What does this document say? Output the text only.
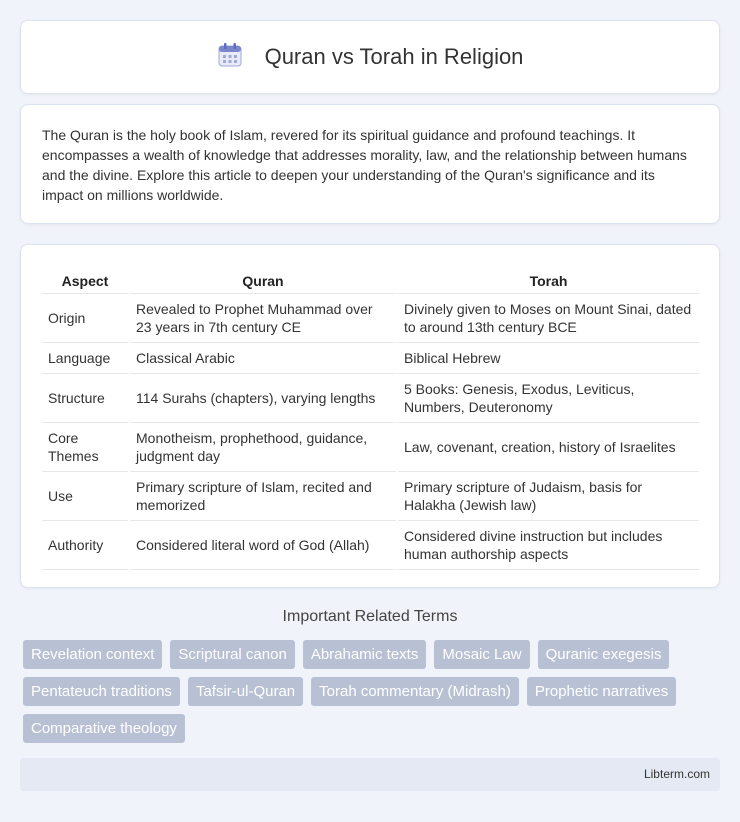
Quran vs Torah in Religion

The Quran is the holy book of Islam, revered for its spiritual guidance and profound teachings. It encompasses a wealth of knowledge that addresses morality, law, and the relationship between humans and the divine. Explore this article to deepen your understanding of the Quran's significance and its impact on millions worldwide.

Aspect	Quran	Torah
Origin	Revealed to Prophet Muhammad over 23 years in 7th century CE	Divinely given to Moses on Mount Sinai, dated to around 13th century BCE
Language	Classical Arabic	Biblical Hebrew
Structure	114 Surahs (chapters), varying lengths	5 Books: Genesis, Exodus, Leviticus, Numbers, Deuteronomy
Core Themes	Monotheism, prophethood, guidance, judgment day	Law, covenant, creation, history of Israelites
Use	Primary scripture of Islam, recited and memorized	Primary scripture of Judaism, basis for Halakha (Jewish law)
Authority	Considered literal word of God (Allah)	Considered divine instruction but includes human authorship aspects
Important Related Terms
Revelation context	Scriptural canon	Abrahamic texts	Mosaic Law	Quranic exegesis
Pentateuch traditions	Tafsir-ul-Quran	Torah commentary (Midrash)	Prophetic narratives
Comparative theology
Libterm.com
